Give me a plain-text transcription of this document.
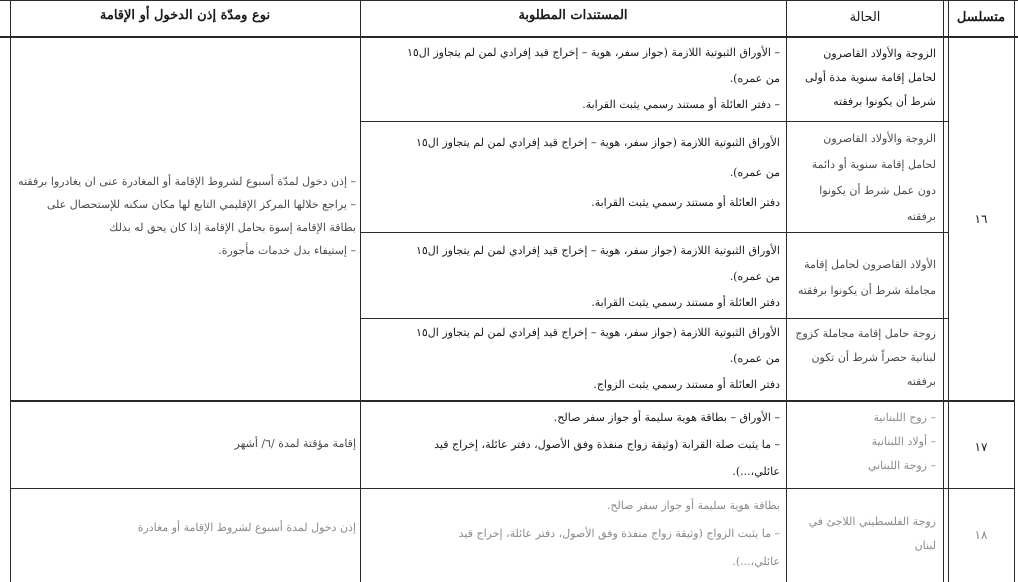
متسلسل
الحالة
المستندات المطلوبة
نوع ومدّة إذن الدخول أو الإقامة
١٦
– إذن دخول لمدّة أسبوع لشروط الإقامة أو المغادرة عنى ان يغادروا برفقته
– يراجع خلالها المركز الإقليمي التابع لها مكان سكنه للإستحصال على
بطاقة الإقامة إسوة بحامل الإقامة إذا كان يحق له بذلك
– إستيفاء بدل خدمات مأجورة.
الزوجة والأولاد القاصرون
لحامل إقامة سنوية مدة أولى
شرط أن يكونوا برفقته
– الأوراق الثبوتية اللازمة (جواز سفر، هوية – إخراج قيد إفرادي لمن لم يتجاوز ال١٥
من عمره).
– دفتر العائلة أو مستند رسمي يثبت القرابة.
الزوجة والأولاد القاصرون
لحامل إقامة سنوية أو دائمة
دون عمل شرط أن يكونوا
برفقته
الأوراق الثبوتية اللازمة (جواز سفر، هوية – إخراج قيد إفرادي لمن لم يتجاوز ال١٥
من عمره).
دفتر العائلة أو مستند رسمي يثبت القرابة.
الأولاد القاصرون لحامل إقامة
مجاملة شرط أن يكونوا برفقته
الأوراق الثبوتية اللازمة (جواز سفر، هوية – إخراج قيد إفرادي لمن لم يتجاوز ال١٥
من عمره).
دفتر العائلة أو مستند رسمي يثبت القرابة.
زوجة حامل إقامة مجاملة كزوج
لبنانية حصراً شرط أن تكون
برفقته
الأوراق الثبوتية اللازمة (جواز سفر، هوية – إخراج قيد إفرادي لمن لم يتجاوز ال١٥
من عمره).
دفتر العائلة أو مستند رسمي يثبت الزواج.
١٧
– زوج اللبنانية
– أولاد اللبنانية
– زوجة اللبناني
– الأوراق – بطاقة هوية سليمة أو جواز سفر صالح.
– ما يثبت صلة القرابة (وثيقة زواج منفذة وفق الأصول، دفتر عائلة، إخراج قيد
عائلي،...).
إقامة مؤقتة لمدة /٦/ أشهر
١٨
زوجة الفلسطيني اللاجئ في
لبنان
بطاقة هوية سليمة أو جواز سفر صالح.
– ما يثبت الزواج (وثيقة زواج منفذة وفق الأصول، دفتر عائلة، إخراج قيد
عائلي،...).
إذن دخول لمدة أسبوع لشروط الإقامة أو مغادرة
